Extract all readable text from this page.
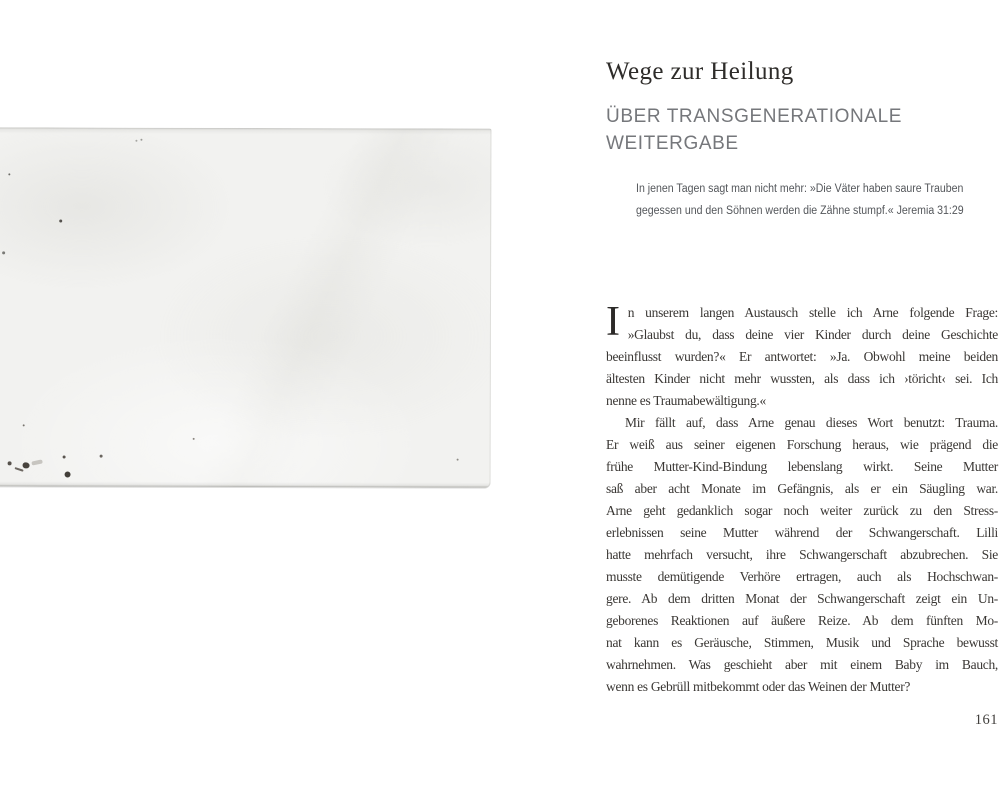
Wege zur Heilung
ÜBER TRANSGENERATIONALE WEITERGABE
In jenen Tagen sagt man nicht mehr: »Die Väter haben saure Trauben
gegessen und den Söhnen werden die Zähne stumpf.« Jeremia 31:29
I n unserem langen Austausch stelle ich Arne folgende Frage:
»Glaubst du, dass deine vier Kinder durch deine Geschichte
beeinflusst wurden?« Er antwortet: »Ja. Obwohl meine beiden
ältesten Kinder nicht mehr wussten, als dass ich ›töricht‹ sei. Ich
nenne es Traumabewältigung.«
Mir fällt auf, dass Arne genau dieses Wort benutzt: Trauma.
Er weiß aus seiner eigenen Forschung heraus, wie prägend die
frühe Mutter-Kind-Bindung lebenslang wirkt. Seine Mutter
saß aber acht Monate im Gefängnis, als er ein Säugling war.
Arne geht gedanklich sogar noch weiter zurück zu den Stress-
erlebnissen seine Mutter während der Schwangerschaft. Lilli
hatte mehrfach versucht, ihre Schwangerschaft abzubrechen. Sie
musste demütigende Verhöre ertragen, auch als Hochschwan-
gere. Ab dem dritten Monat der Schwangerschaft zeigt ein Un-
geborenes Reaktionen auf äußere Reize. Ab dem fünften Mo-
nat kann es Geräusche, Stimmen, Musik und Sprache bewusst
wahrnehmen. Was geschieht aber mit einem Baby im Bauch,
wenn es Gebrüll mitbekommt oder das Weinen der Mutter?
161
